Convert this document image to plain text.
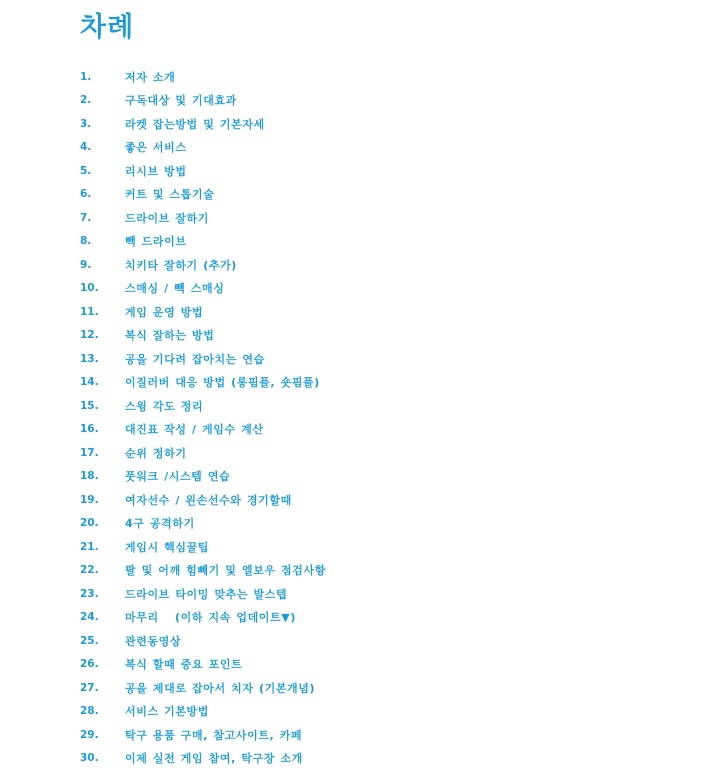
차례
1.	저자 소개
2.	구독대상 및 기대효과
3.	라켓 잡는방법 및 기본자세
4.	좋은 서비스
5.	리시브 방법
6.	커트 및 스톱기술
7.	드라이브 잘하기
8.	빽 드라이브
9.	치키타 잘하기 (추가)
10.	스매싱 / 빽 스매싱
11.	게임 운영 방법
12.	복식 잘하는 방법
13.	공을 기다려 잡아치는 연습
14.	이질러버 대응 방법 (롱핌플, 숏핌플)
15.	스윙 각도 정리
16.	대진표 작성 / 게임수 계산
17.	순위 정하기
18.	풋워크 /시스템 연습
19.	여자선수 / 왼손선수와 경기할때
20.	4구 공격하기
21.	게임시 핵심꿀팁
22.	팔 및 어깨 힘빼기 및 엘보우 점검사항
23.	드라이브 타이밍 맞추는 발스텝
24.	마무리   (이하 지속 업데이트▼)
25.	관련동영상
26.	복식 할때 중요 포인트
27.	공을 제대로 잡아서 치자 (기본개념)
28.	서비스 기본방법
29.	탁구 용품 구매, 참고사이트, 카페
30.	이제 실전 게임 참여, 탁구장 소개
